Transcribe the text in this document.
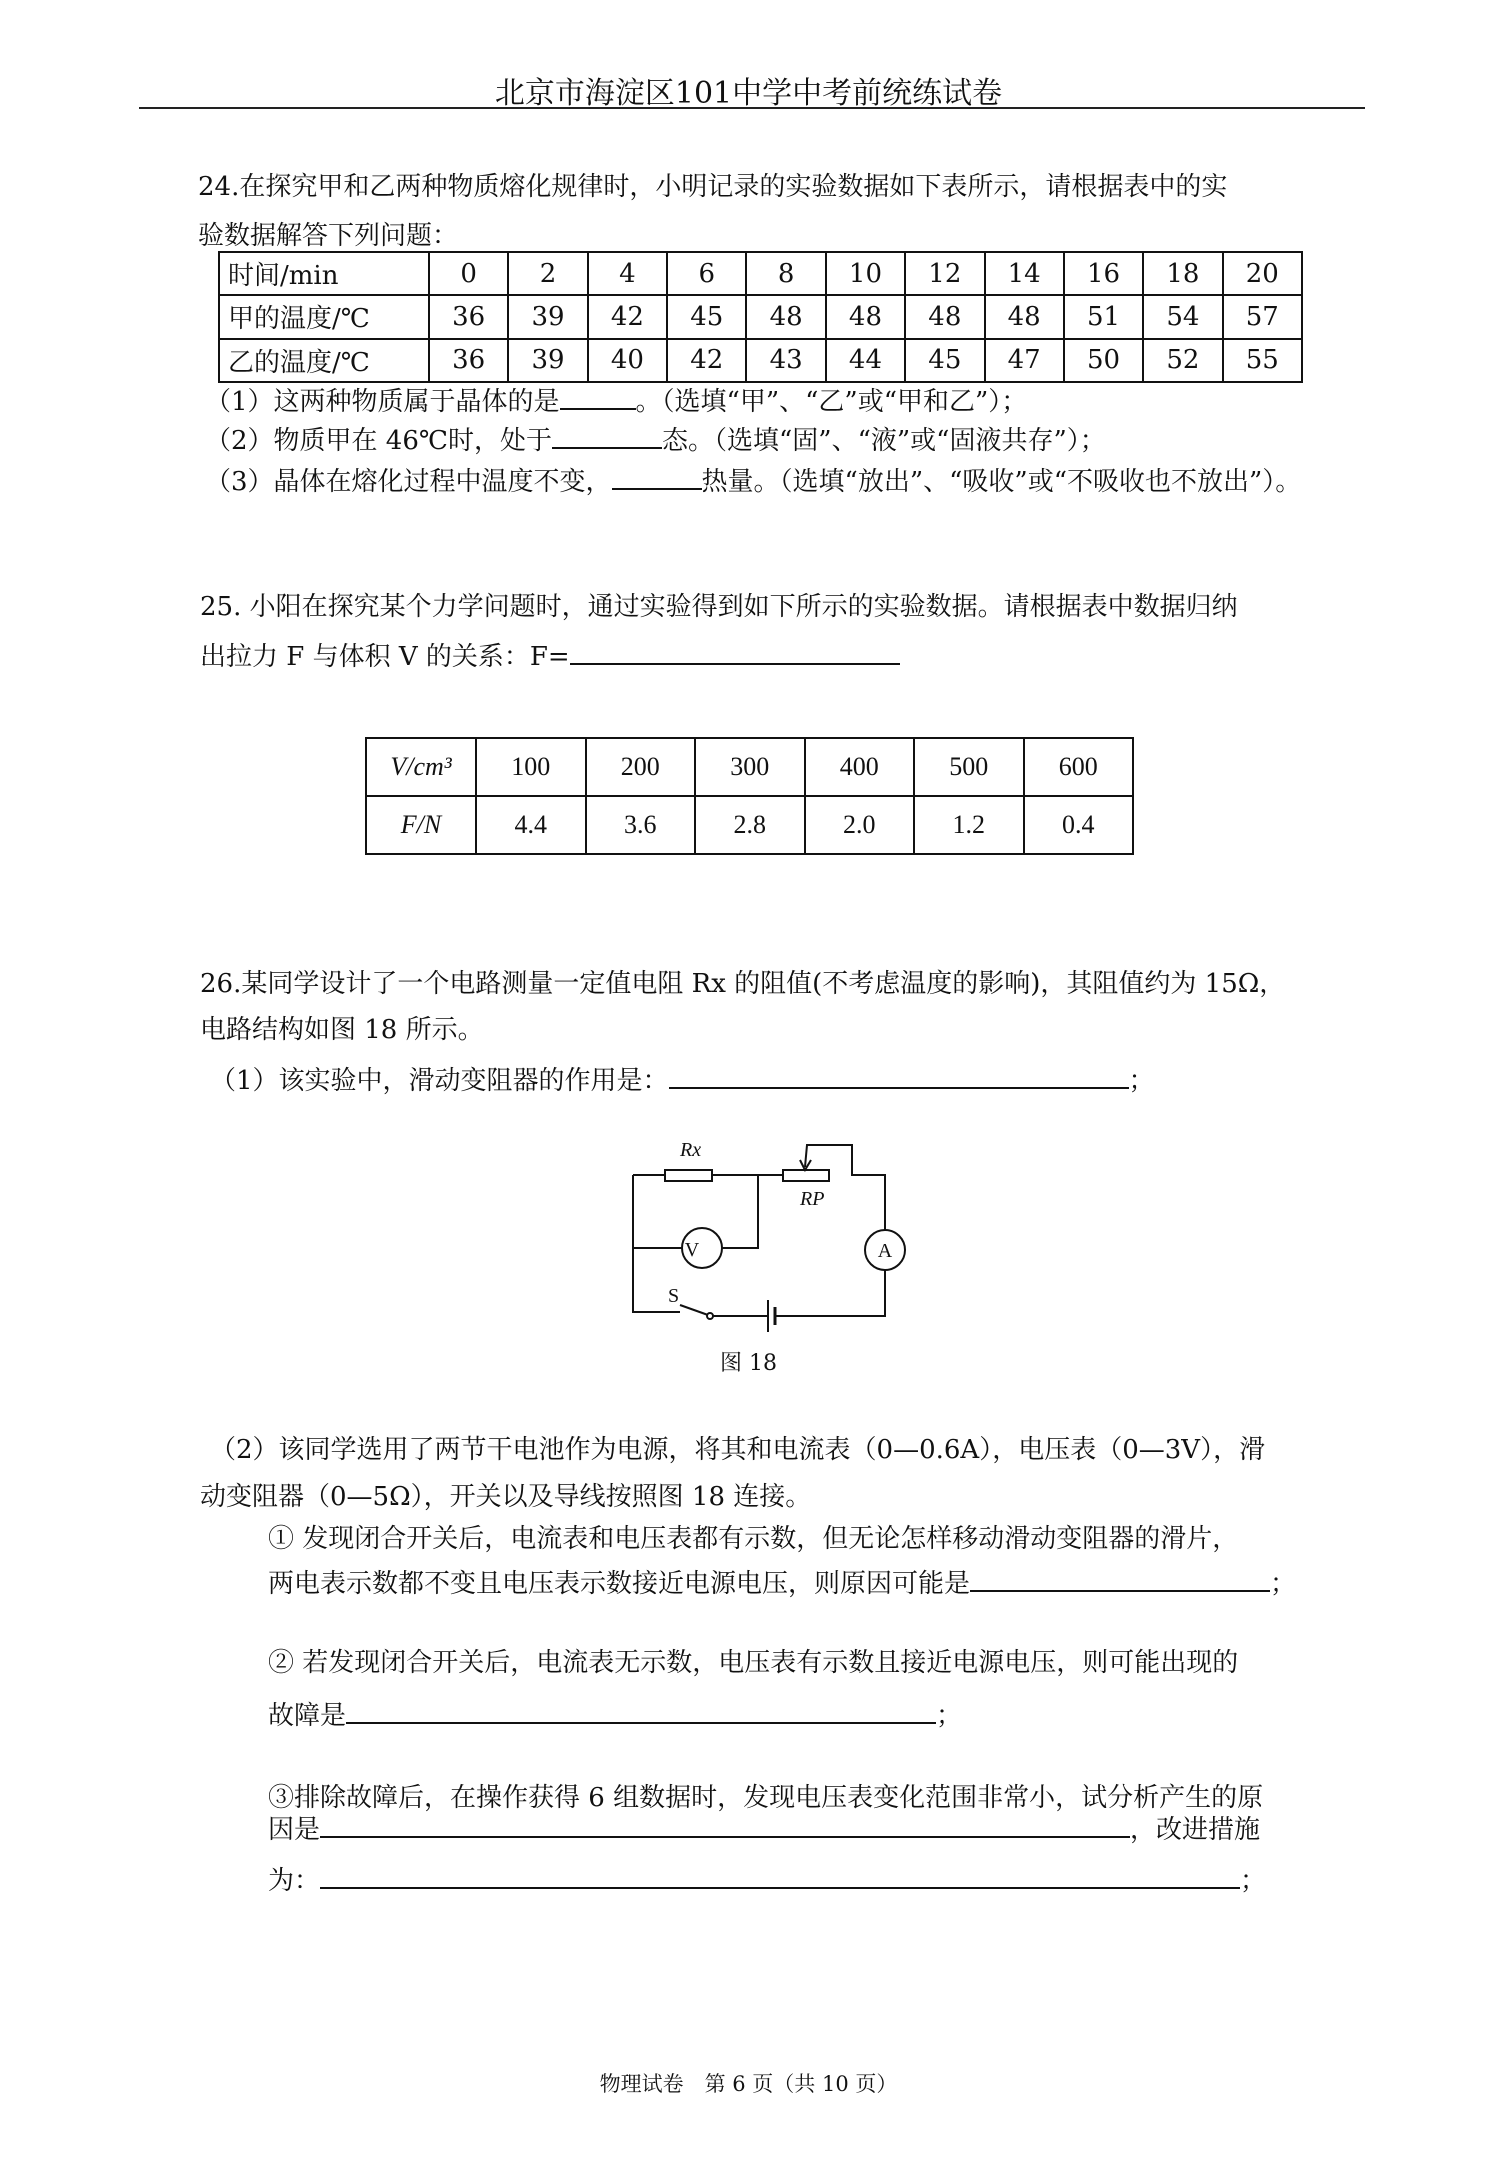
北京市海淀区101中学中考前统练试卷
24.在探究甲和乙两种物质熔化规律时，小明记录的实验数据如下表所示，请根据表中的实
验数据解答下列问题：
时间/min	0	2	4	6	8	10	12	14	16	18	20
甲的温度/℃	36	39	42	45	48	48	48	48	51	54	57
乙的温度/℃	36	39	40	42	43	44	45	47	50	52	55
（1）这两种物质属于晶体的是	。（选填“甲”、“乙”或“甲和乙”）；
（2）物质甲在 46℃时，处于	态。（选填“固”、“液”或“固液共存”）；
（3）晶体在熔化过程中温度不变，	热量。（选填“放出”、“吸收”或“不吸收也不放出”）。
25. 小阳在探究某个力学问题时，通过实验得到如下所示的实验数据。请根据表中数据归纳
出拉力 F 与体积 V 的关系：F=
V/cm³	100	200	300	400	500	600
F/N	4.4	3.6	2.8	2.0	1.2	0.4
26.某同学设计了一个电路测量一定值电阻 Rx 的阻值(不考虑温度的影响)，其阻值约为 15Ω，
电路结构如图 18 所示。
（1）该实验中，滑动变阻器的作用是：	；
V	A
Rx
RP
S
图 18
（2）该同学选用了两节干电池作为电源，将其和电流表（0—0.6A），电压表（0—3V），滑
动变阻器（0—5Ω），开关以及导线按照图 18 连接。
① 发现闭合开关后，电流表和电压表都有示数，但无论怎样移动滑动变阻器的滑片，
两电表示数都不变且电压表示数接近电源电压，则原因可能是	；
② 若发现闭合开关后，电流表无示数，电压表有示数且接近电源电压，则可能出现的
故障是	；
③排除故障后，在操作获得 6 组数据时，发现电压表变化范围非常小，试分析产生的原
因是	，改进措施
为：	；
物理试卷　第 6 页（共 10 页）
